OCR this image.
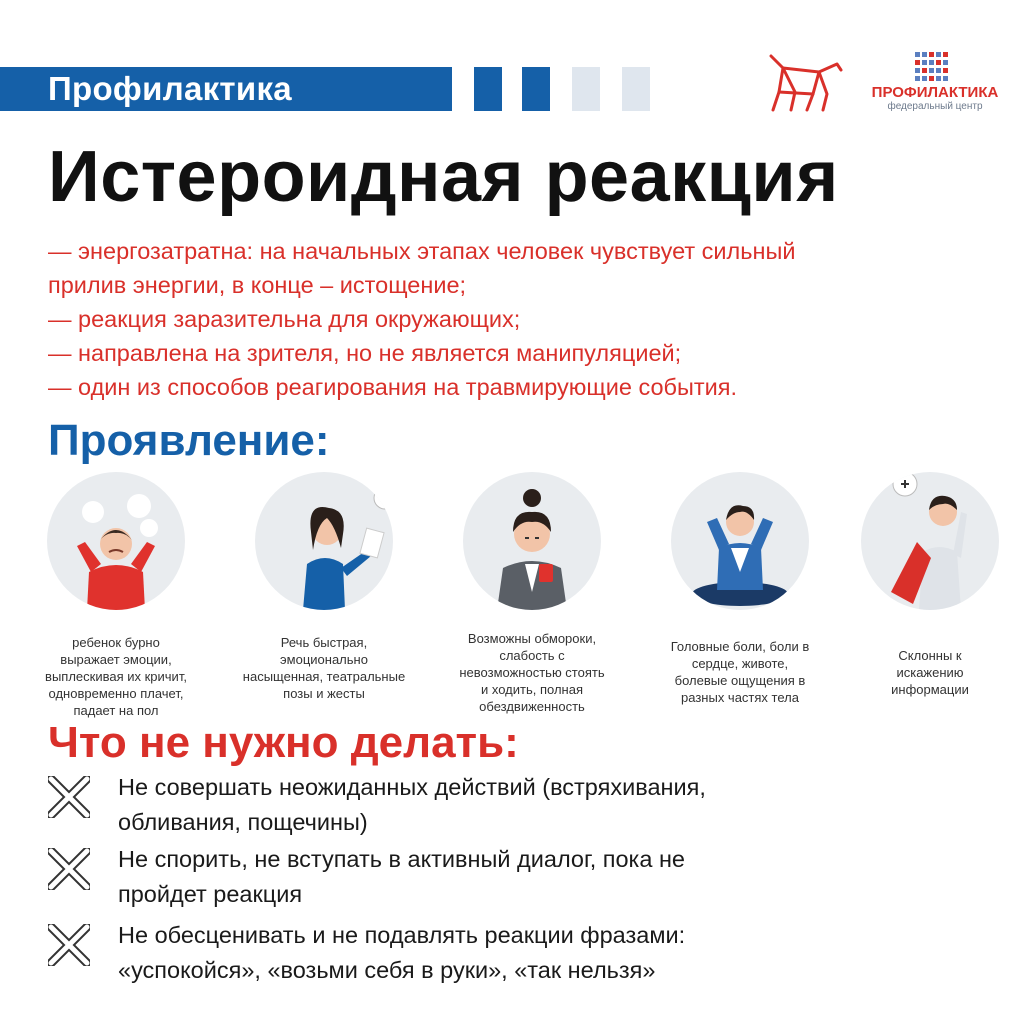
Профилактика	ПРОФИЛАКТИКА
федеральный центр
Истероидная реакция
— энергозатратна: на начальных этапах человек чувствует сильный
прилив энергии, в конце – истощение;
— реакция заразительна для окружающих;
— направлена на зрителя, но не является манипуляцией;
— один из способов реагирования на травмирующие события.
Проявление:
ребенок бурно
выражает эмоции,
выплескивая их кричит,
одновременно плачет,
падает на пол
Речь быстрая,
эмоционально
насыщенная, театральные
позы и жесты
Возможны обмороки,
слабость с
невозможностью стоять
и ходить, полная
обездвиженность
Головные боли, боли в
сердце, животе,
болевые ощущения в
разных частях тела
Склонны к
искажению
информации
Что не нужно делать:
Не совершать неожиданных действий (встряхивания,
обливания, пощечины)
Не спорить, не вступать в активный диалог, пока не
пройдет реакция
Не обесценивать и не подавлять реакции фразами:
«успокойся», «возьми себя в руки», «так нельзя»
